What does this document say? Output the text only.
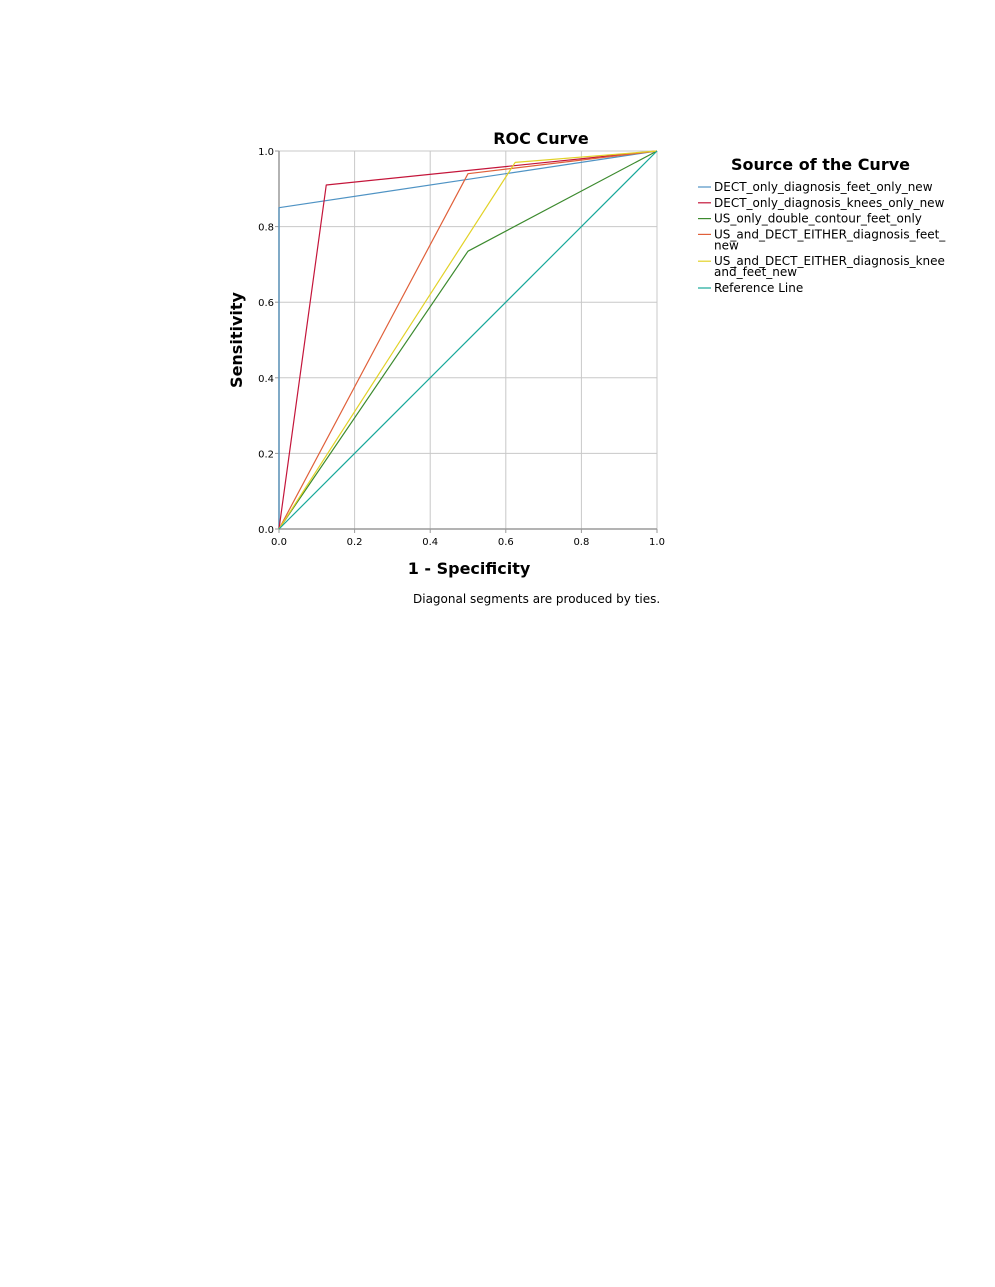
0.0	0.2	0.4	0.6	0.8	1.0
0.0
0.2
0.4
0.6
0.8
1.0
ROC Curve
1 - Specificity
Sensitivity
Source of the Curve
DECT_only_diagnosis_feet_only_new
DECT_only_diagnosis_knees_only_new
US_only_double_contour_feet_only
US_and_DECT_EITHER_diagnosis_feet_
new
US_and_DECT_EITHER_diagnosis_knee
and_feet_new
Reference Line
Diagonal segments are produced by ties.
